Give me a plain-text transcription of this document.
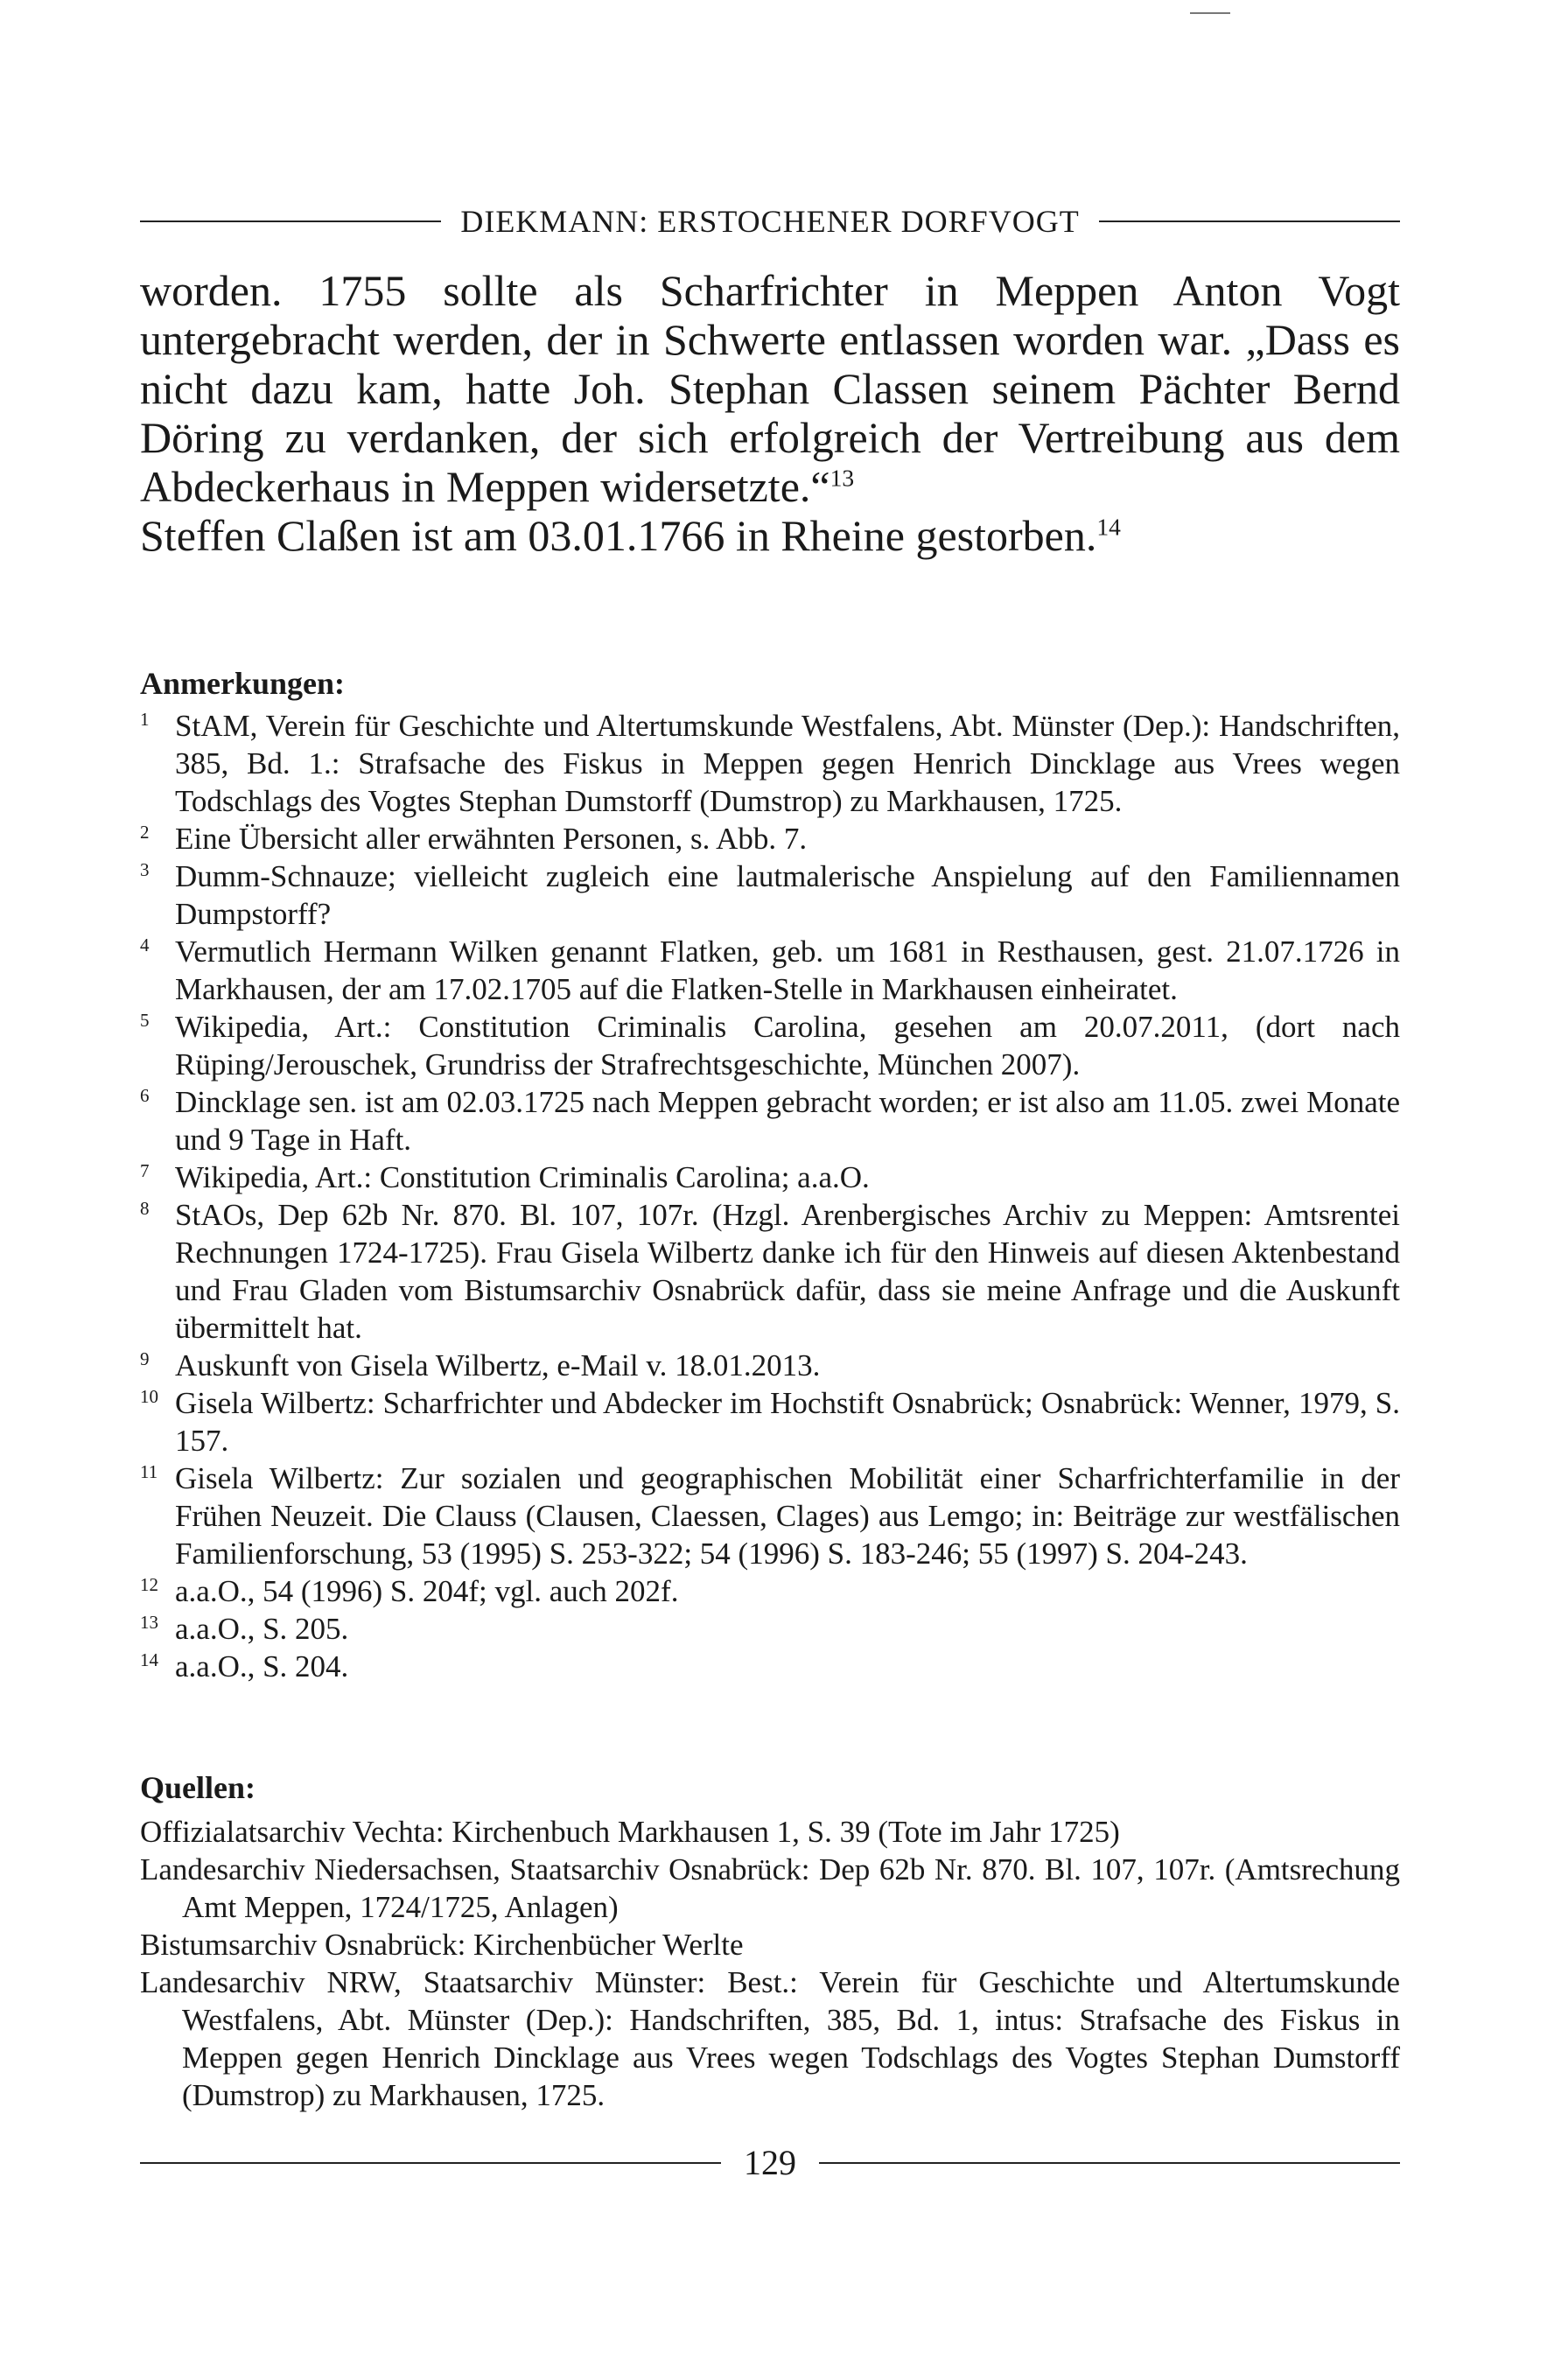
DIEKMANN: ERSTOCHENER DORFVOGT

worden. 1755 sollte als Scharfrichter in Meppen Anton Vogt untergebracht werden, der in Schwerte entlassen worden war. „Dass es nicht dazu kam, hatte Joh. Stephan Classen seinem Pächter Bernd Döring zu verdanken, der sich erfolgreich der Vertreibung aus dem Abdeckerhaus in Meppen widersetzte.“$^{13}$

Steffen Claßen ist am 03.01.1766 in Rheine gestorben.$^{14}$

Anmerkungen:
1 StAM, Verein für Geschichte und Altertumskunde Westfalens, Abt. Münster (Dep.): Handschriften, 385, Bd. 1.: Strafsache des Fiskus in Meppen gegen Henrich Dincklage aus Vrees wegen Todschlags des Vogtes Stephan Dumstorff (Dumstrop) zu Markhausen, 1725.
2 Eine Übersicht aller erwähnten Personen, s. Abb. 7.
3 Dumm-Schnauze; vielleicht zugleich eine lautmalerische Anspielung auf den Familiennamen Dumpstorff?
4 Vermutlich Hermann Wilken genannt Flatken, geb. um 1681 in Resthausen, gest. 21.07.1726 in Markhausen, der am 17.02.1705 auf die Flatken-Stelle in Markhausen einheiratet.
5 Wikipedia, Art.: Constitution Criminalis Carolina, gesehen am 20.07.2011, (dort nach Rüping/Jerouschek, Grundriss der Strafrechtsgeschichte, München 2007).
6 Dincklage sen. ist am 02.03.1725 nach Meppen gebracht worden; er ist also am 11.05. zwei Monate und 9 Tage in Haft.
7 Wikipedia, Art.: Constitution Criminalis Carolina; a.a.O.
8 StAOs, Dep 62b Nr. 870. Bl. 107, 107r. (Hzgl. Arenbergisches Archiv zu Meppen: Amtsrentei Rechnungen 1724-1725). Frau Gisela Wilbertz danke ich für den Hinweis auf diesen Aktenbestand und Frau Gladen vom Bistumsarchiv Osnabrück dafür, dass sie meine Anfrage und die Auskunft übermittelt hat.
9 Auskunft von Gisela Wilbertz, e-Mail v. 18.01.2013.
10 Gisela Wilbertz: Scharfrichter und Abdecker im Hochstift Osnabrück; Osnabrück: Wenner, 1979, S. 157.
11 Gisela Wilbertz: Zur sozialen und geographischen Mobilität einer Scharfrichterfamilie in der Frühen Neuzeit. Die Clauss (Clausen, Claessen, Clages) aus Lemgo; in: Beiträge zur westfälischen Familienforschung, 53 (1995) S. 253-322; 54 (1996) S. 183-246; 55 (1997) S. 204-243.
12 a.a.O., 54 (1996) S. 204f; vgl. auch 202f.
13 a.a.O., S. 205.
14 a.a.O., S. 204.
Quellen:
Offizialatsarchiv Vechta: Kirchenbuch Markhausen 1, S. 39 (Tote im Jahr 1725)
Landesarchiv Niedersachsen, Staatsarchiv Osnabrück: Dep 62b Nr. 870. Bl. 107, 107r. (Amtsrechung Amt Meppen, 1724/1725, Anlagen)
Bistumsarchiv Osnabrück: Kirchenbücher Werlte
Landesarchiv NRW, Staatsarchiv Münster: Best.: Verein für Geschichte und Altertumskunde Westfalens, Abt. Münster (Dep.): Handschriften, 385, Bd. 1, intus: Strafsache des Fiskus in Meppen gegen Henrich Dincklage aus Vrees wegen Todschlags des Vogtes Stephan Dumstorff (Dumstrop) zu Markhausen, 1725.
129
